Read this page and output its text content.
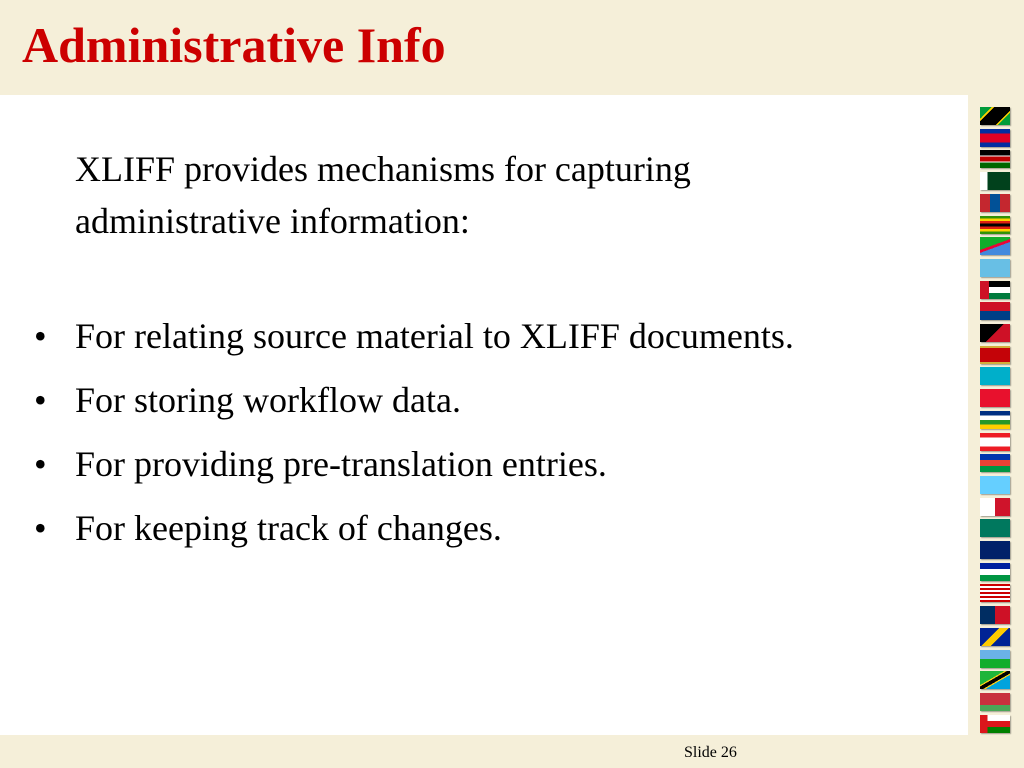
Administrative Info

XLIFF provides mechanisms for capturing administrative information:

• For relating source material to XLIFF documents.
• For storing workflow data.
• For providing pre-translation entries.
• For keeping track of changes.
Slide 26
